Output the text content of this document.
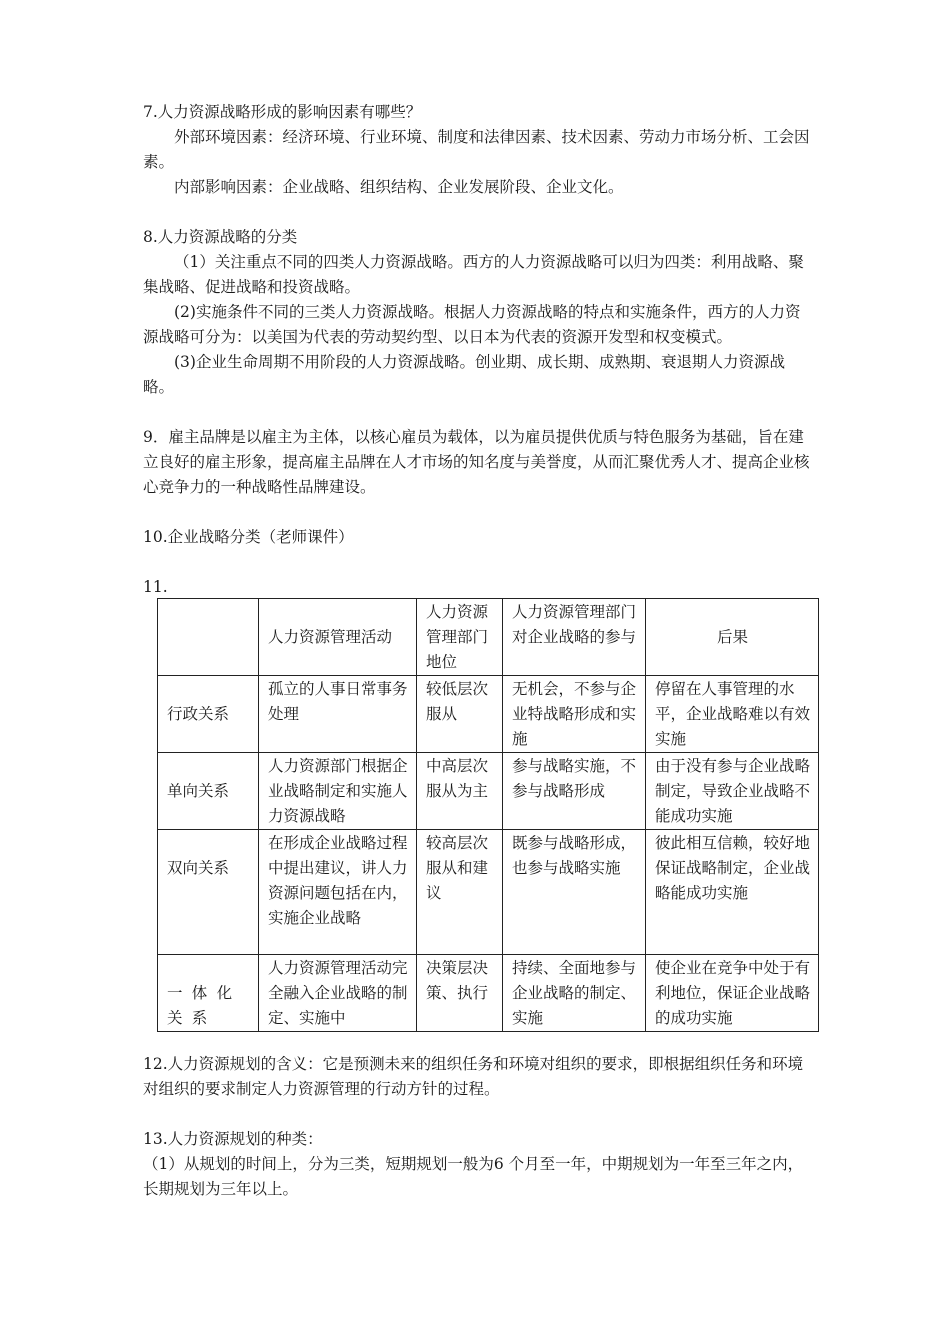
7.人力资源战略形成的影响因素有哪些？

外部环境因素：经济环境、行业环境、制度和法律因素、技术因素、劳动力市场分析、工会因素。

内部影响因素：企业战略、组织结构、企业发展阶段、企业文化。

8.人力资源战略的分类

（1）关注重点不同的四类人力资源战略。西方的人力资源战略可以归为四类：利用战略、聚集战略、促进战略和投资战略。

(2)实施条件不同的三类人力资源战略。根据人力资源战略的特点和实施条件，西方的人力资源战略可分为：以美国为代表的劳动契约型、以日本为代表的资源开发型和权变模式。

(3)企业生命周期不用阶段的人力资源战略。创业期、成长期、成熟期、衰退期人力资源战略。

9．雇主品牌是以雇主为主体，以核心雇员为载体，以为雇员提供优质与特色服务为基础，旨在建立良好的雇主形象，提高雇主品牌在人才市场的知名度与美誉度，从而汇聚优秀人才、提高企业核心竞争力的一种战略性品牌建设。

10.企业战略分类（老师课件）

11.

	人力资源管理活动	人力资源管理部门地位	人力资源管理部门对企业战略的参与	后果
行政关系	孤立的人事日常事务处理	较低层次服从	无机会，不参与企业特战略形成和实施	停留在人事管理的水平，企业战略难以有效实施
单向关系	人力资源部门根据企业战略制定和实施人力资源战略	中高层次服从为主	参与战略实施，不参与战略形成	由于没有参与企业战略制定，导致企业战略不能成功实施
双向关系	在形成企业战略过程中提出建议，讲人力资源问题包括在内，实施企业战略	较高层次服从和建议	既参与战略形成，也参与战略实施	彼此相互信赖，较好地保证战略制定，企业战略能成功实施
一体化关系	人力资源管理活动完全融入企业战略的制定、实施中	决策层决策、执行	持续、全面地参与企业战略的制定、实施	使企业在竞争中处于有利地位，保证企业战略的成功实施

12.人力资源规划的含义：它是预测未来的组织任务和环境对组织的要求，即根据组织任务和环境对组织的要求制定人力资源管理的行动方针的过程。

13.人力资源规划的种类：

（1）从规划的时间上，分为三类，短期规划一般为6 个月至一年，中期规划为一年至三年之内，长期规划为三年以上。
